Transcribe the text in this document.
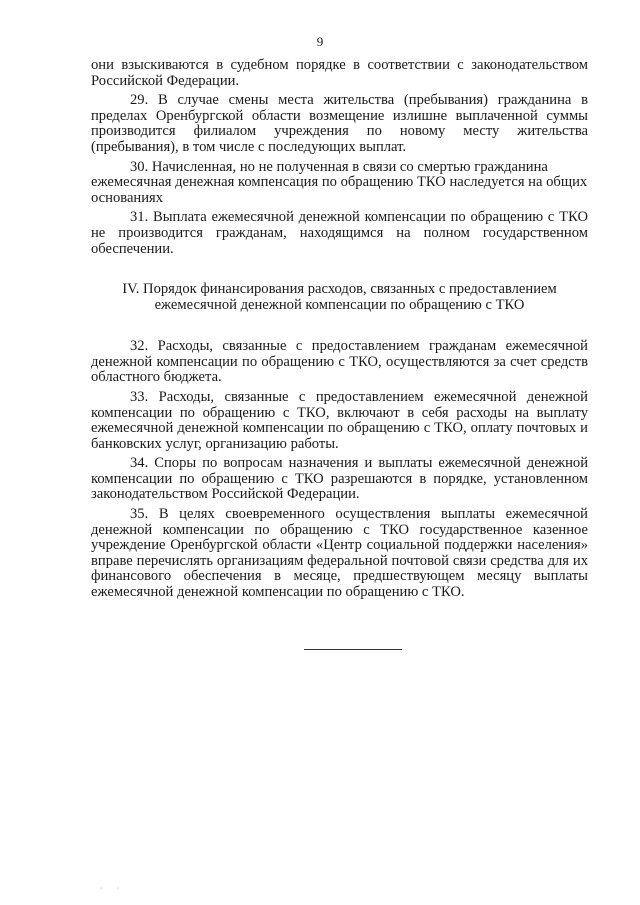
9

они взыскиваются в судебном порядке в соответствии с законодательством Российской Федерации.

29. В случае смены места жительства (пребывания) гражданина в пределах Оренбургской области возмещение излишне выплаченной суммы производится филиалом учреждения по новому месту жительства (пребывания), в том числе с последующих выплат.

30. Начисленная, но не полученная в связи со смертью гражданина ежемесячная денежная компенсация по обращению ТКО наследуется на общих основаниях

31. Выплата ежемесячной денежной компенсации по обращению с ТКО не производится гражданам, находящимся на полном государственном обеспечении.

IV. Порядок финансирования расходов, связанных с предоставлением
ежемесячной денежной компенсации по обращению с ТКО

32. Расходы, связанные с предоставлением гражданам ежемесячной денежной компенсации по обращению с ТКО, осуществляются за счет средств областного бюджета.

33. Расходы, связанные с предоставлением ежемесячной денежной компенсации по обращению с ТКО, включают в себя расходы на выплату ежемесячной денежной компенсации по обращению с ТКО, оплату почтовых и банковских услуг, организацию работы.

34. Споры по вопросам назначения и выплаты ежемесячной денежной компенсации по обращению с ТКО разрешаются в порядке, установленном законодательством Российской Федерации.

35. В целях своевременного осуществления выплаты ежемесячной денежной компенсации по обращению с ТКО государственное казенное учреждение Оренбургской области «Центр социальной поддержки населения» вправе перечислять организациям федеральной почтовой связи средства для их финансового обеспечения в месяце, предшествующем месяцу выплаты ежемесячной денежной компенсации по обращению с ТКО.

· ·
